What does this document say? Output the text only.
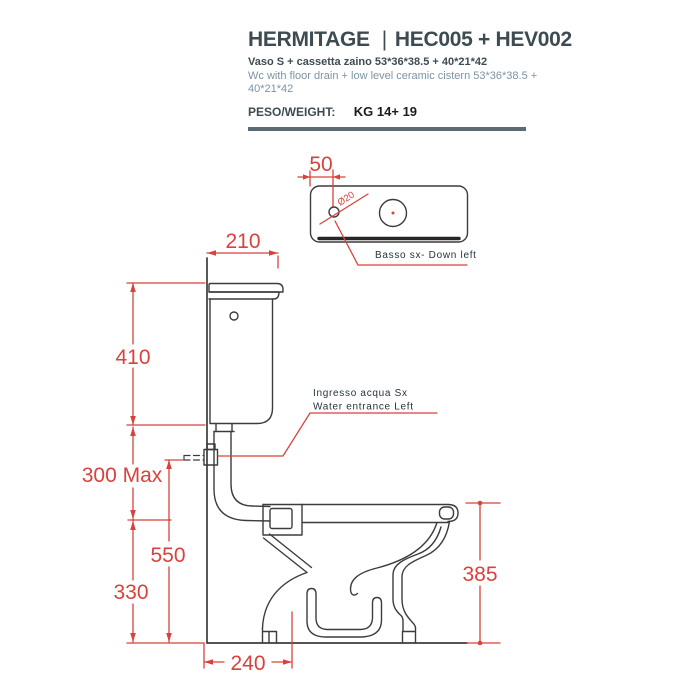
HERMITAGE | HEC005 + HEV002
Vaso S + cassetta zaino 53*36*38.5 + 40*21*42
Wc with floor drain + low level ceramic cistern 53*36*38.5 + 40*21*42
PESO/WEIGHT: KG 14+ 19
50
Ø20
Basso sx- Down left
210
410
300 Max
330
550
385
240
Ingresso acqua Sx
Water entrance Left
